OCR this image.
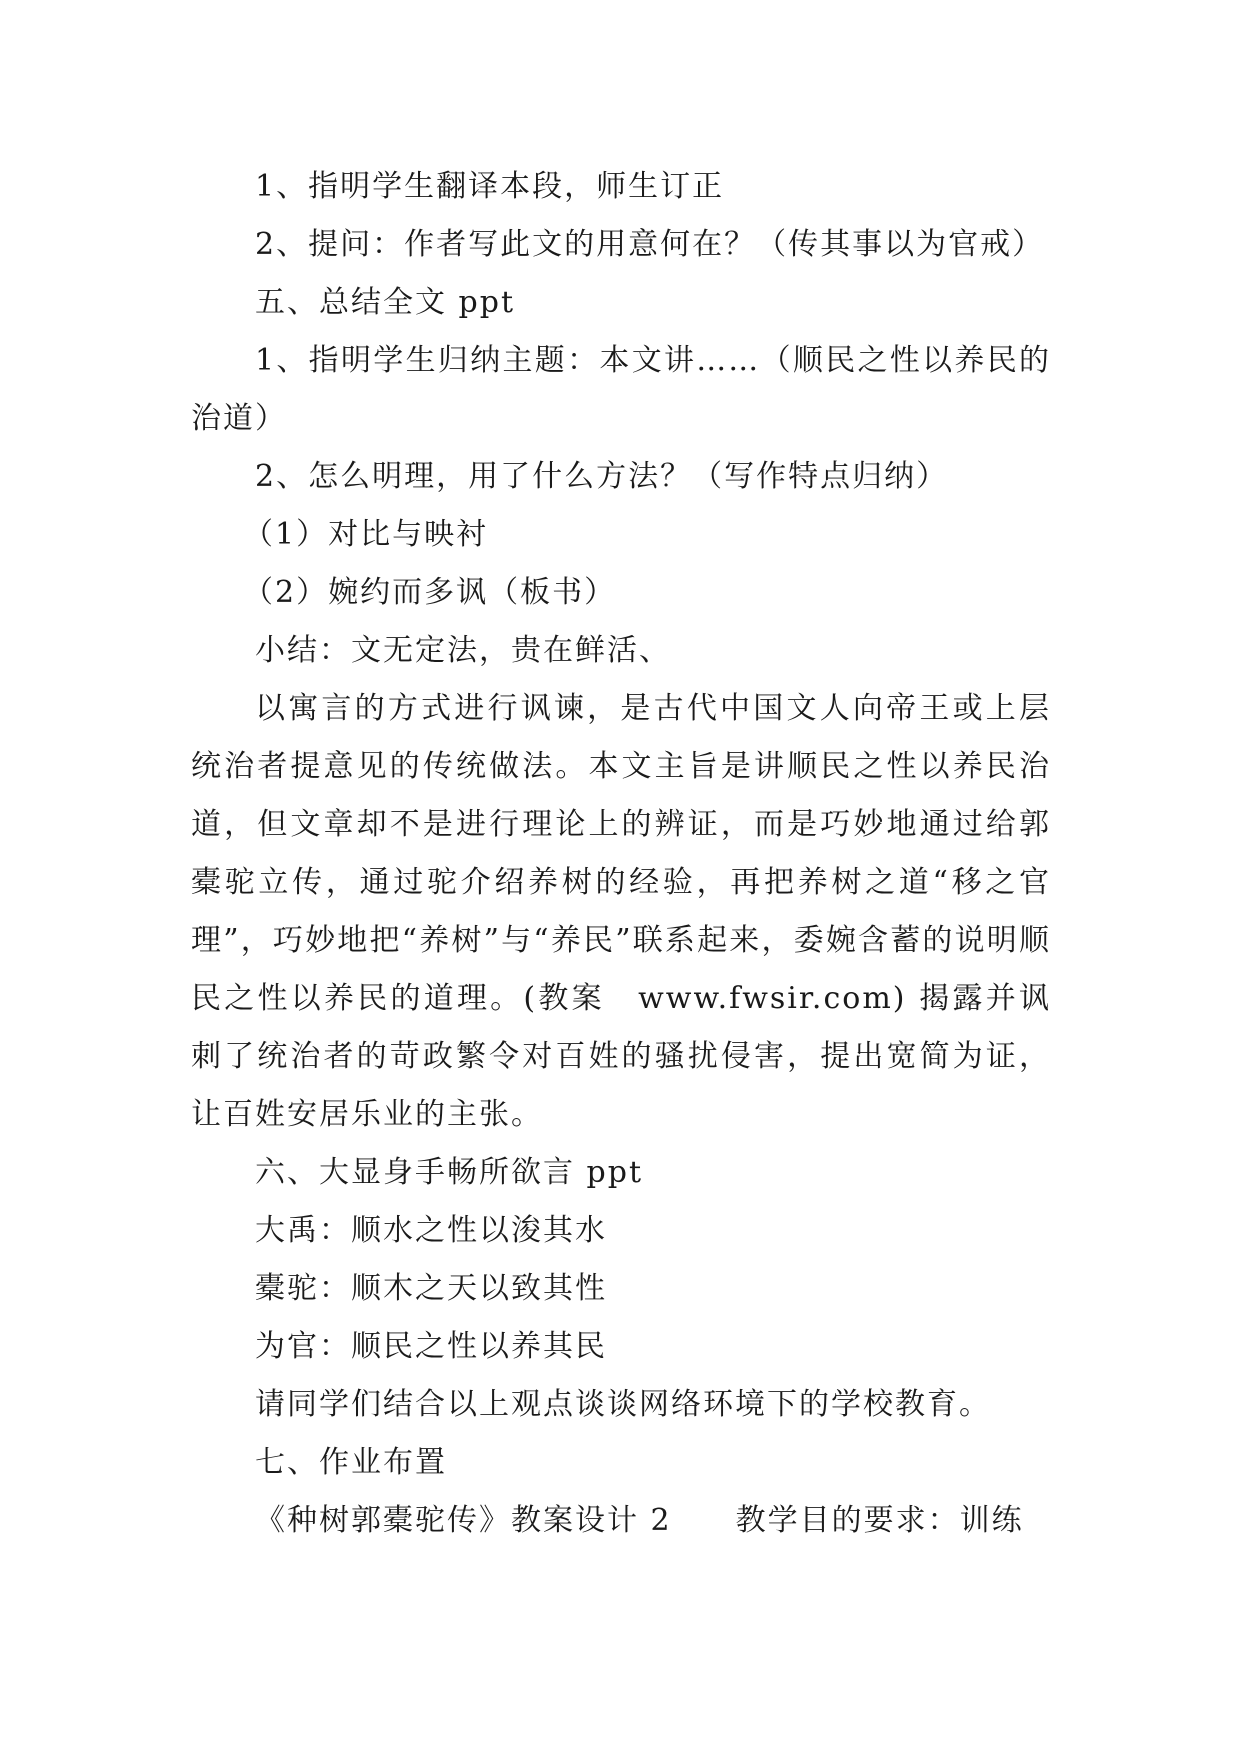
1、指明学生翻译本段，师生订正

2、提问：作者写此文的用意何在？（传其事以为官戒）

五、总结全文 ppt

1、指明学生归纳主题：本文讲……（顺民之性以养民的治道）

2、怎么明理，用了什么方法？（写作特点归纳）

（1）对比与映衬

（2）婉约而多讽（板书）

小结：文无定法，贵在鲜活、

以寓言的方式进行讽谏，是古代中国文人向帝王或上层统治者提意见的传统做法。本文主旨是讲顺民之性以养民治道，但文章却不是进行理论上的辨证，而是巧妙地通过给郭橐驼立传，通过驼介绍养树的经验，再把养树之道“移之官理”，巧妙地把“养树”与“养民”联系起来，委婉含蓄的说明顺民之性以养民的道理。(教案　www.fwsir.com) 揭露并讽刺了统治者的苛政繁令对百姓的骚扰侵害，提出宽简为证，让百姓安居乐业的主张。

六、大显身手畅所欲言 ppt

大禹：顺水之性以浚其水

橐驼：顺木之天以致其性

为官：顺民之性以养其民

请同学们结合以上观点谈谈网络环境下的学校教育。

七、作业布置

《种树郭橐驼传》教案设计 2　　教学目的要求：训练
